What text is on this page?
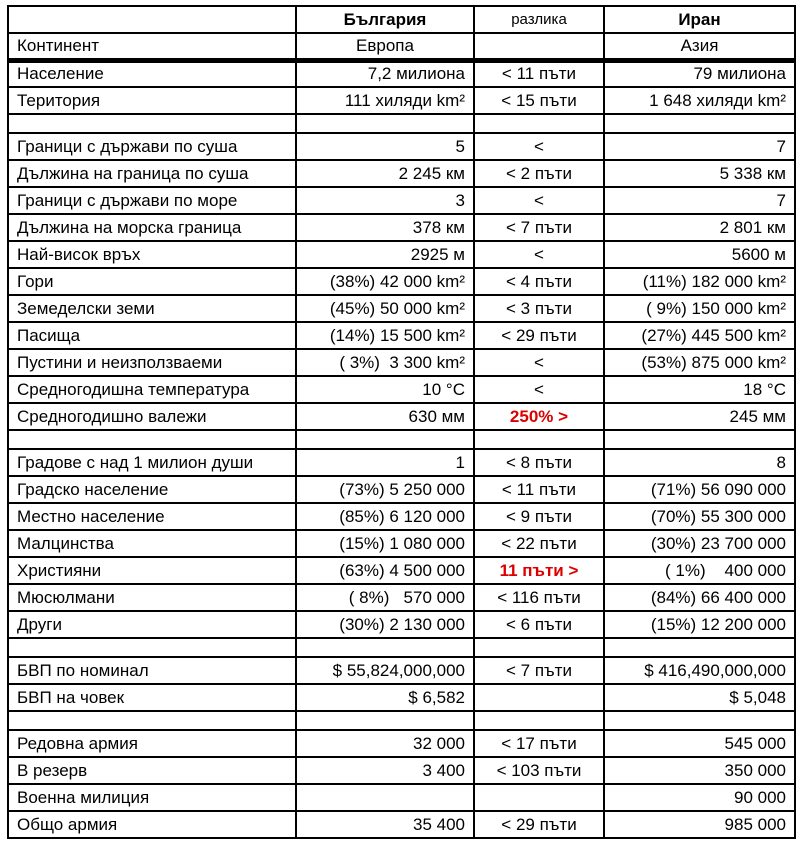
	България	разлика	Иран
Континент	Европа		Азия
Население	7,2 милиона	< 11 пъти	79 милиона
Територия	111 хиляди km²	< 15 пъти	1 648 хиляди km²

Граници с държави по суша	5	<	7
Дължина на граница по суша	2 245 км	< 2 пъти	5 338 км
Граници с държави по море	3	<	7
Дължина на морска граница	378 км	< 7 пъти	2 801 км
Най-висок връх	2925 м	<	5600 м
Гори	(38%) 42 000 km²	< 4 пъти	(11%) 182 000 km²
Земеделски земи	(45%) 50 000 km²	< 3 пъти	( 9%) 150 000 km²
Пасища	(14%) 15 500 km²	< 29 пъти	(27%) 445 500 km²
Пустини и неизползваеми	( 3%)  3 300 km²	<	(53%) 875 000 km²
Средногодишна температура	10 °C	<	18 °C
Средногодишно валежи	630 мм	250% >	245 мм

Градове с над 1 милион души	1	< 8 пъти	8
Градско население	(73%) 5 250 000	< 11 пъти	(71%) 56 090 000
Местно население	(85%) 6 120 000	< 9 пъти	(70%) 55 300 000
Малцинства	(15%) 1 080 000	< 22 пъти	(30%) 23 700 000
Християни	(63%) 4 500 000	11 пъти >	( 1%)    400 000
Мюсюлмани	( 8%)   570 000	< 116 пъти	(84%) 66 400 000
Други	(30%) 2 130 000	< 6 пъти	(15%) 12 200 000

БВП по номинал	$ 55,824,000,000	< 7 пъти	$ 416,490,000,000
БВП на човек	$ 6,582		$ 5,048

Редовна армия	32 000	< 17 пъти	545 000
В резерв	3 400	< 103 пъти	350 000
Военна милиция			90 000
Общо армия	35 400	< 29 пъти	985 000
